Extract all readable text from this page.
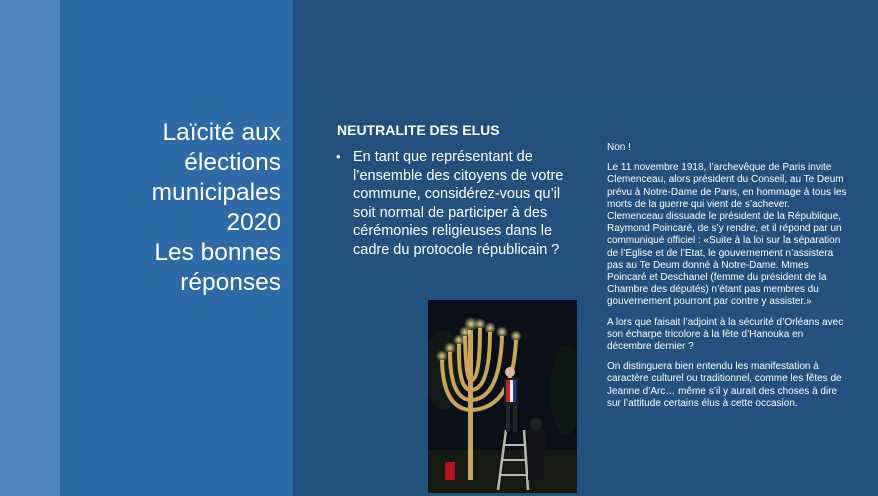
Laïcité aux
élections
municipales
2020
Les bonnes
réponses
NEUTRALITE DES ELUS
• En tant que représentant de l’ensemble des citoyens de votre commune, considérez-vous qu’il soit normal de participer à des cérémonies religieuses dans le cadre du protocole républicain ?

Non !

Le 11 novembre 1918, l’archevêque de Paris invite Clemenceau, alors président du Conseil, au Te Deum prévu à Notre-Dame de Paris, en hommage à tous les morts de la guerre qui vient de s’achever. Clemenceau dissuade le président de la République, Raymond Poincaré, de s’y rendre, et il répond par un communiqué officiel : «Suite à la loi sur la séparation de l’Eglise et de l’Etat, le gouvernement n’assistera pas au Te Deum donné à Notre-Dame. Mmes Poincaré et Deschanel (femme du président de la Chambre des députés) n’étant pas membres du gouvernement pourront par contre y assister.»

A lors que faisait l’adjoint à la sécurité d’Orléans avec son écharpe tricolore à la fête d’Hanouka en décembre dernier ?

On distinguera bien entendu les manifestation à caractère culturel ou traditionnel, comme les fêtes de Jeanne d’Arc… même s’il y aurait des choses à dire sur l’attitude certains élus à cette occasion.
